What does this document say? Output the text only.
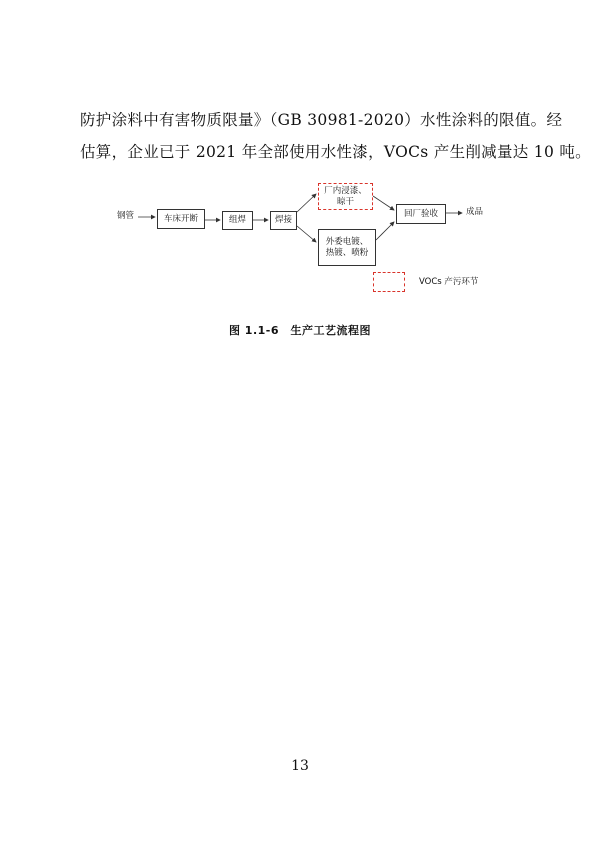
防护涂料中有害物质限量》（GB 30981-2020）水性涂料的限值。经
估算，企业已于 2021 年全部使用水性漆，VOCs 产生削减量达 10 吨。
钢管	车床开断	组焊	焊接
厂内浸漆、
晾干
外委电镀、
热镀、喷粉
回厂验收	成品
VOCs 产污环节
图 1.1-6　生产工艺流程图
13
